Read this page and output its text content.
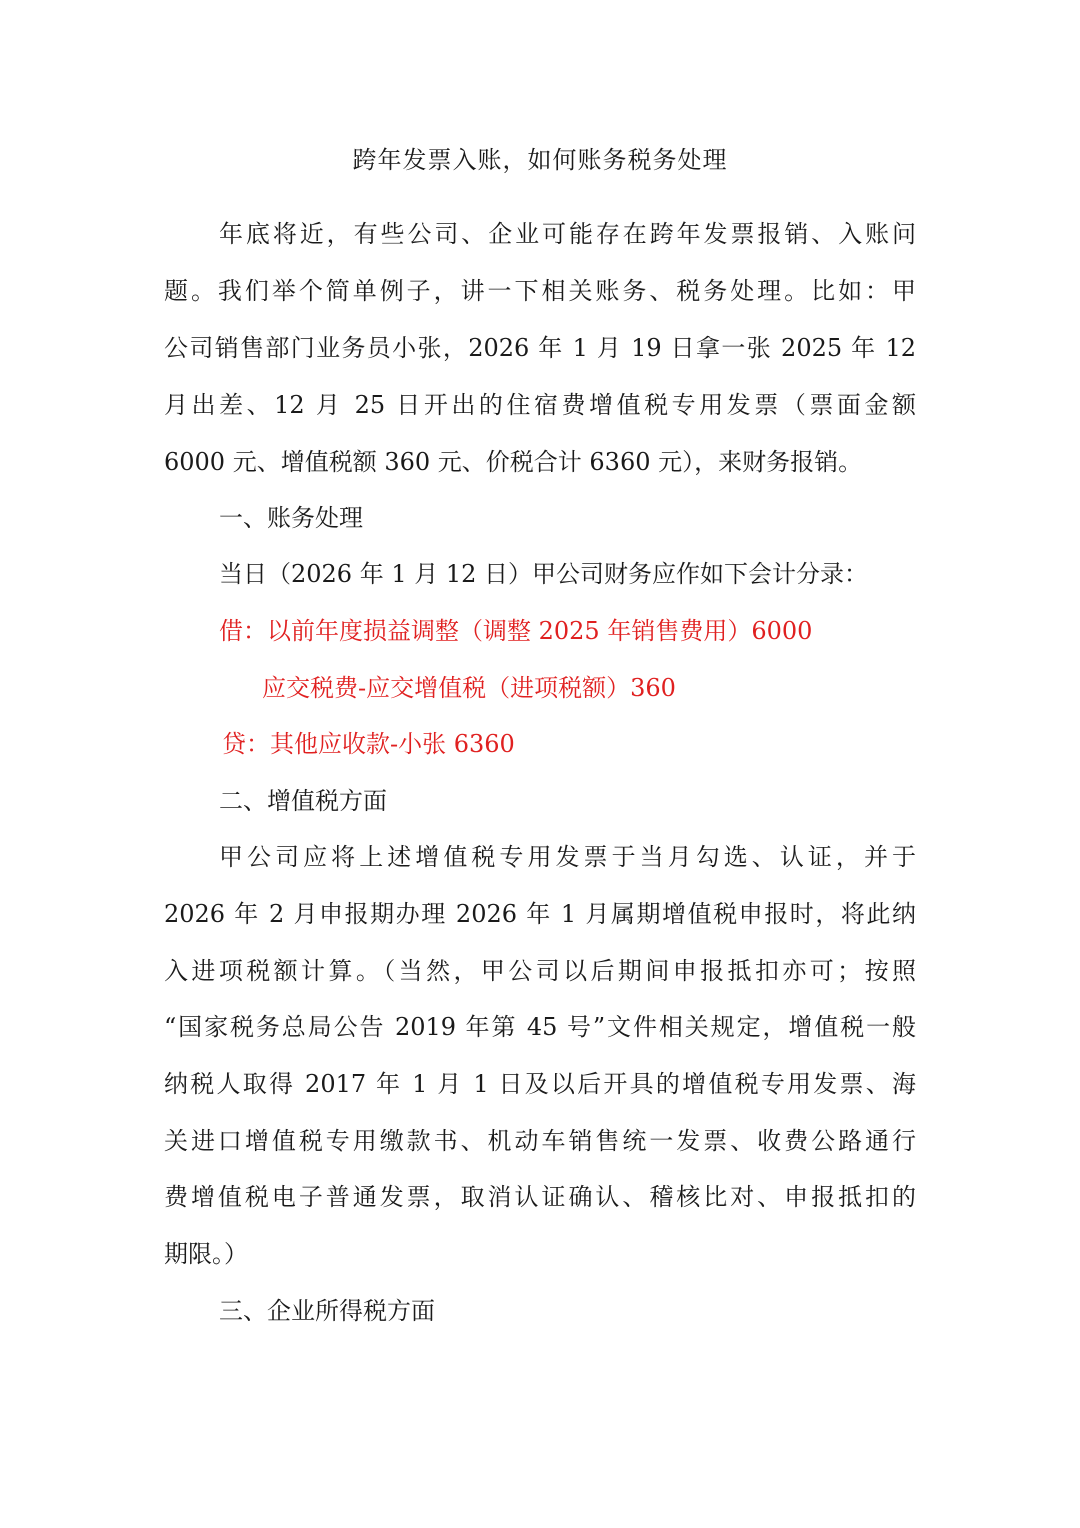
跨年发票入账，如何账务税务处理
年底将近，有些公司、企业可能存在跨年发票报销、入账问
题。我们举个简单例子，讲一下相关账务、税务处理。比如：甲
公司销售部门业务员小张，2026 年 1 月 19 日拿一张 2025 年 12
月出差、12 月 25 日开出的住宿费增值税专用发票（票面金额
6000 元、增值税额 360 元、价税合计 6360 元），来财务报销。
一、账务处理
当日（2026 年 1 月 12 日）甲公司财务应作如下会计分录：
借：以前年度损益调整（调整 2025 年销售费用）6000
应交税费-应交增值税（进项税额）360
贷：其他应收款-小张 6360
二、增值税方面
甲公司应将上述增值税专用发票于当月勾选、认证，并于
2026 年 2 月申报期办理 2026 年 1 月属期增值税申报时，将此纳
入进项税额计算。（当然，甲公司以后期间申报抵扣亦可；按照
“国家税务总局公告 2019 年第 45 号”文件相关规定，增值税一般
纳税人取得 2017 年 1 月 1 日及以后开具的增值税专用发票、海
关进口增值税专用缴款书、机动车销售统一发票、收费公路通行
费增值税电子普通发票，取消认证确认、稽核比对、申报抵扣的
期限。）
三、企业所得税方面
